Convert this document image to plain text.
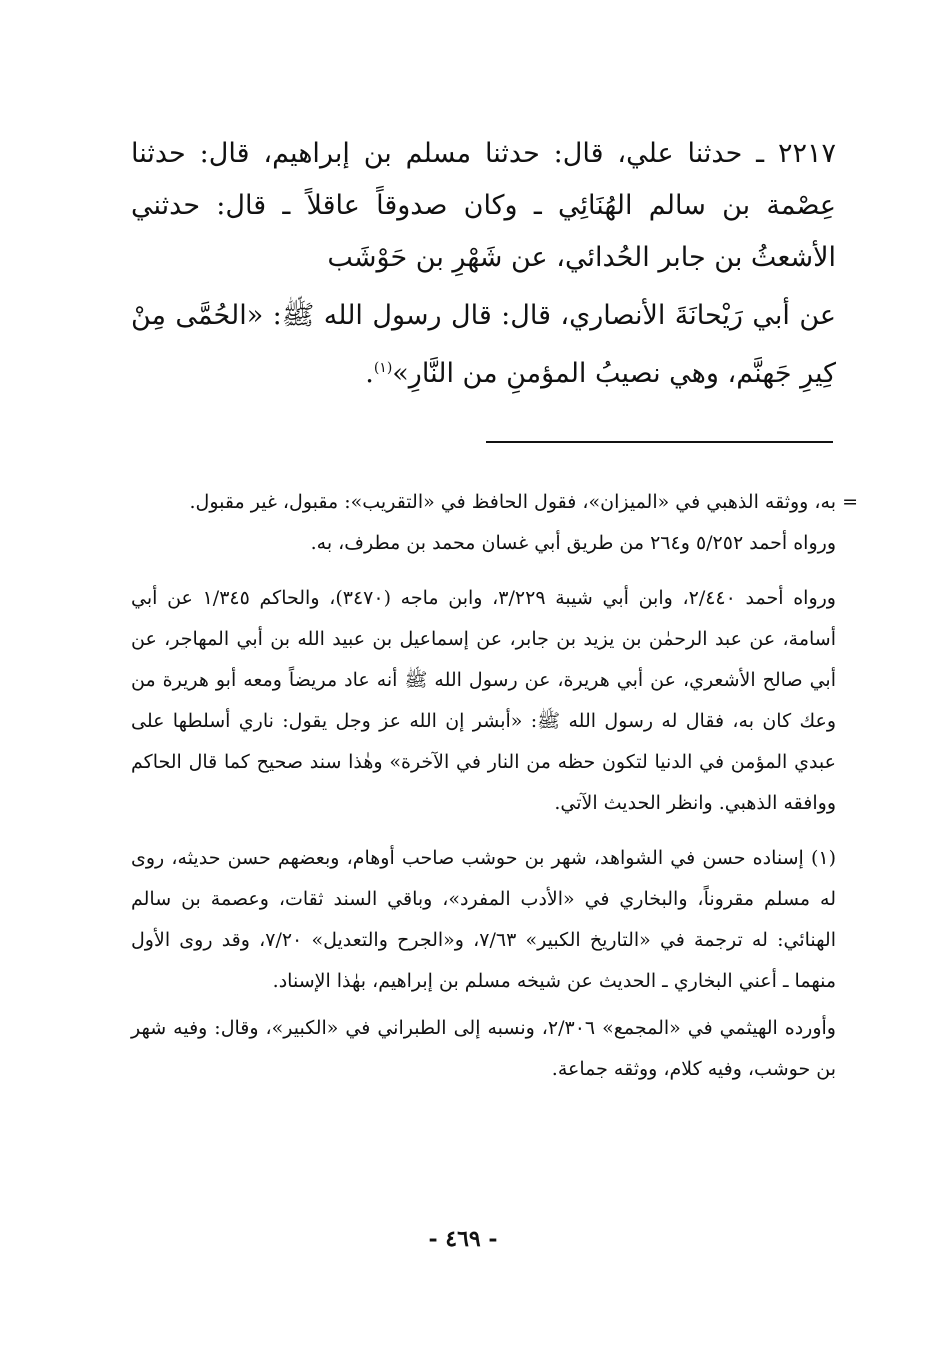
٢٢١٧ ـ حدثنا علي، قال: حدثنا مسلم بن إبراهيم، قال: حدثنا عِصْمة بن سالم الهُنَائِي ـ وكان صدوقاً عاقلاً ـ قال: حدثني الأشعثُ بن جابر الحُدائي، عن شَهْرِ بن حَوْشَب

عن أبي رَيْحانَةَ الأنصاري، قال: قال رسول الله ﷺ: «الحُمَّى مِنْ كِيرِ جَهنَّم، وهي نصيبُ المؤمنِ من النَّارِ»$^{(١)}$.

=
به، ووثقه الذهبي في «الميزان»، فقول الحافظ في «التقريب»: مقبول، غير مقبول.

ورواه أحمد ٥/٢٥٢ و٢٦٤ من طريق أبي غسان محمد بن مطرف، به.

ورواه أحمد ٢/٤٤٠، وابن أبي شيبة ٣/٢٢٩، وابن ماجه (٣٤٧٠)، والحاكم ١/٣٤٥ عن أبي أسامة، عن عبد الرحمٰن بن يزيد بن جابر، عن إسماعيل بن عبيد الله بن أبي المهاجر، عن أبي صالح الأشعري، عن أبي هريرة، عن رسول الله ﷺ أنه عاد مريضاً ومعه أبو هريرة من وعك كان به، فقال له رسول الله ﷺ: «أبشر إن الله عز وجل يقول: ناري أسلطها على عبدي المؤمن في الدنيا لتكون حظه من النار في الآخرة» وهٰذا سند صحيح كما قال الحاكم ووافقه الذهبي. وانظر الحديث الآتي.

(١) إسناده حسن في الشواهد، شهر بن حوشب صاحب أوهام، وبعضهم حسن حديثه، روى له مسلم مقروناً، والبخاري في «الأدب المفرد»، وباقي السند ثقات، وعصمة بن سالم الهنائي: له ترجمة في «التاريخ الكبير» ٧/٦٣، و«الجرح والتعديل» ٧/٢٠، وقد روى الأول منهما ـ أعني البخاري ـ الحديث عن شيخه مسلم بن إبراهيم، بهٰذا الإسناد.

وأورده الهيثمي في «المجمع» ٢/٣٠٦، ونسبه إلى الطبراني في «الكبير»، وقال: وفيه شهر بن حوشب، وفيه كلام، ووثقه جماعة.

- ٤٦٩ -
